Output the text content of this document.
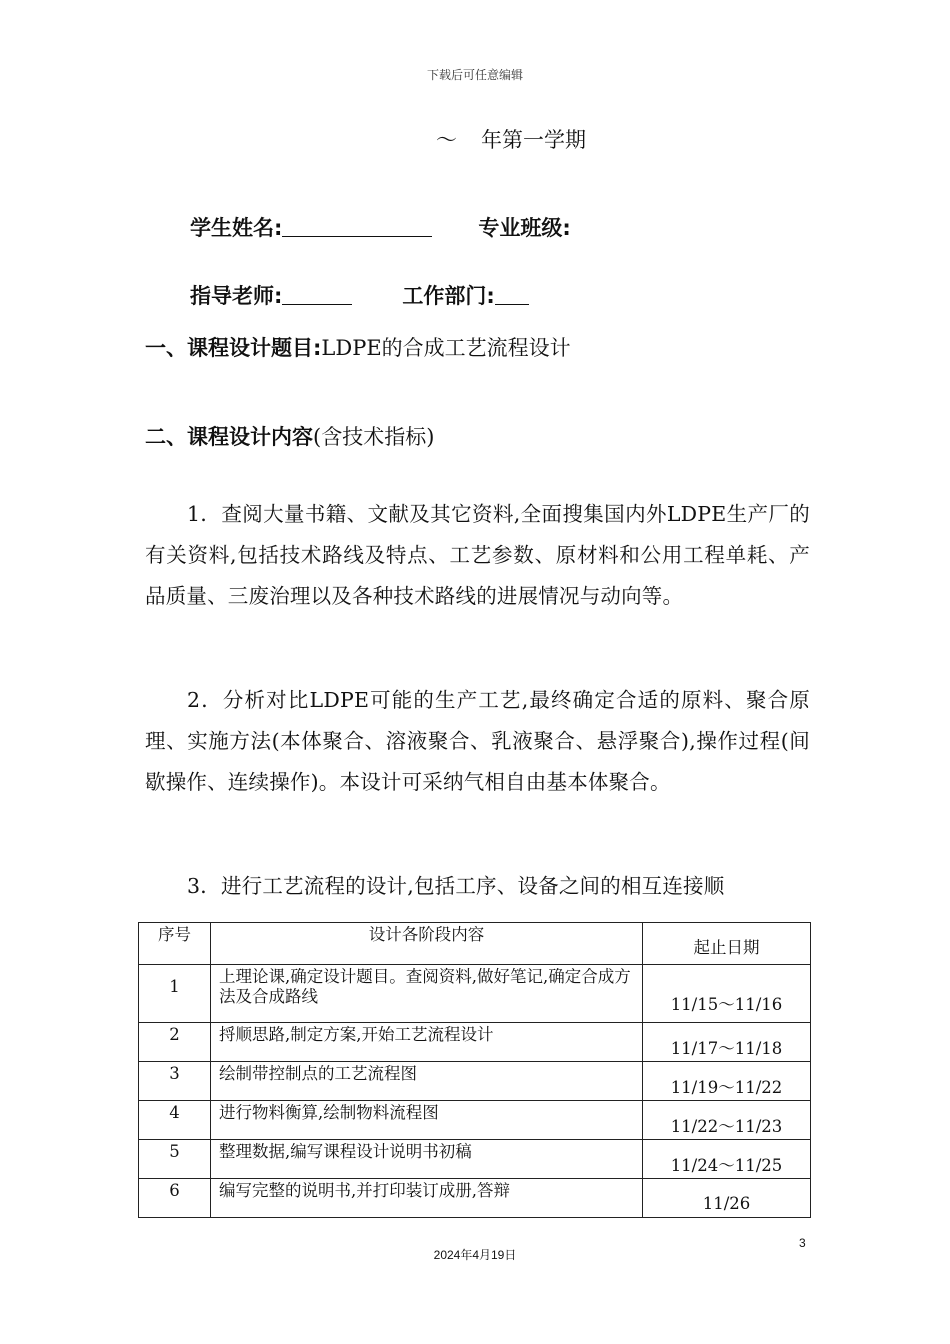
下载后可任意编辑
～ 年第一学期
学生姓名:	专业班级:
指导老师:	工作部门:
一、课程设计题目:LDPE的合成工艺流程设计
二、课程设计内容(含技术指标)
1．查阅大量书籍、文献及其它资料,全面搜集国内外LDPE生产厂的有关资料,包括技术路线及特点、工艺参数、原材料和公用工程单耗、产品质量、三废治理以及各种技术路线的进展情况与动向等。
2．分析对比LDPE可能的生产工艺,最终确定合适的原料、聚合原理、实施方法(本体聚合、溶液聚合、乳液聚合、悬浮聚合),操作过程(间歇操作、连续操作)。本设计可采纳气相自由基本体聚合。
3．进行工艺流程的设计,包括工序、设备之间的相互连接顺
序号	设计各阶段内容	起止日期

1	上理论课,确定设计题目。查阅资料,做好笔记,确定合成方法及合成路线	11/15～11/16

2	捋顺思路,制定方案,开始工艺流程设计	11/17～11/18

3	绘制带控制点的工艺流程图	11/19～11/22

4	进行物料衡算,绘制物料流程图	11/22～11/23

5	整理数据,编写课程设计说明书初稿	11/24～11/25

6	编写完整的说明书,并打印装订成册,答辩	11/26
3
2024年4月19日
